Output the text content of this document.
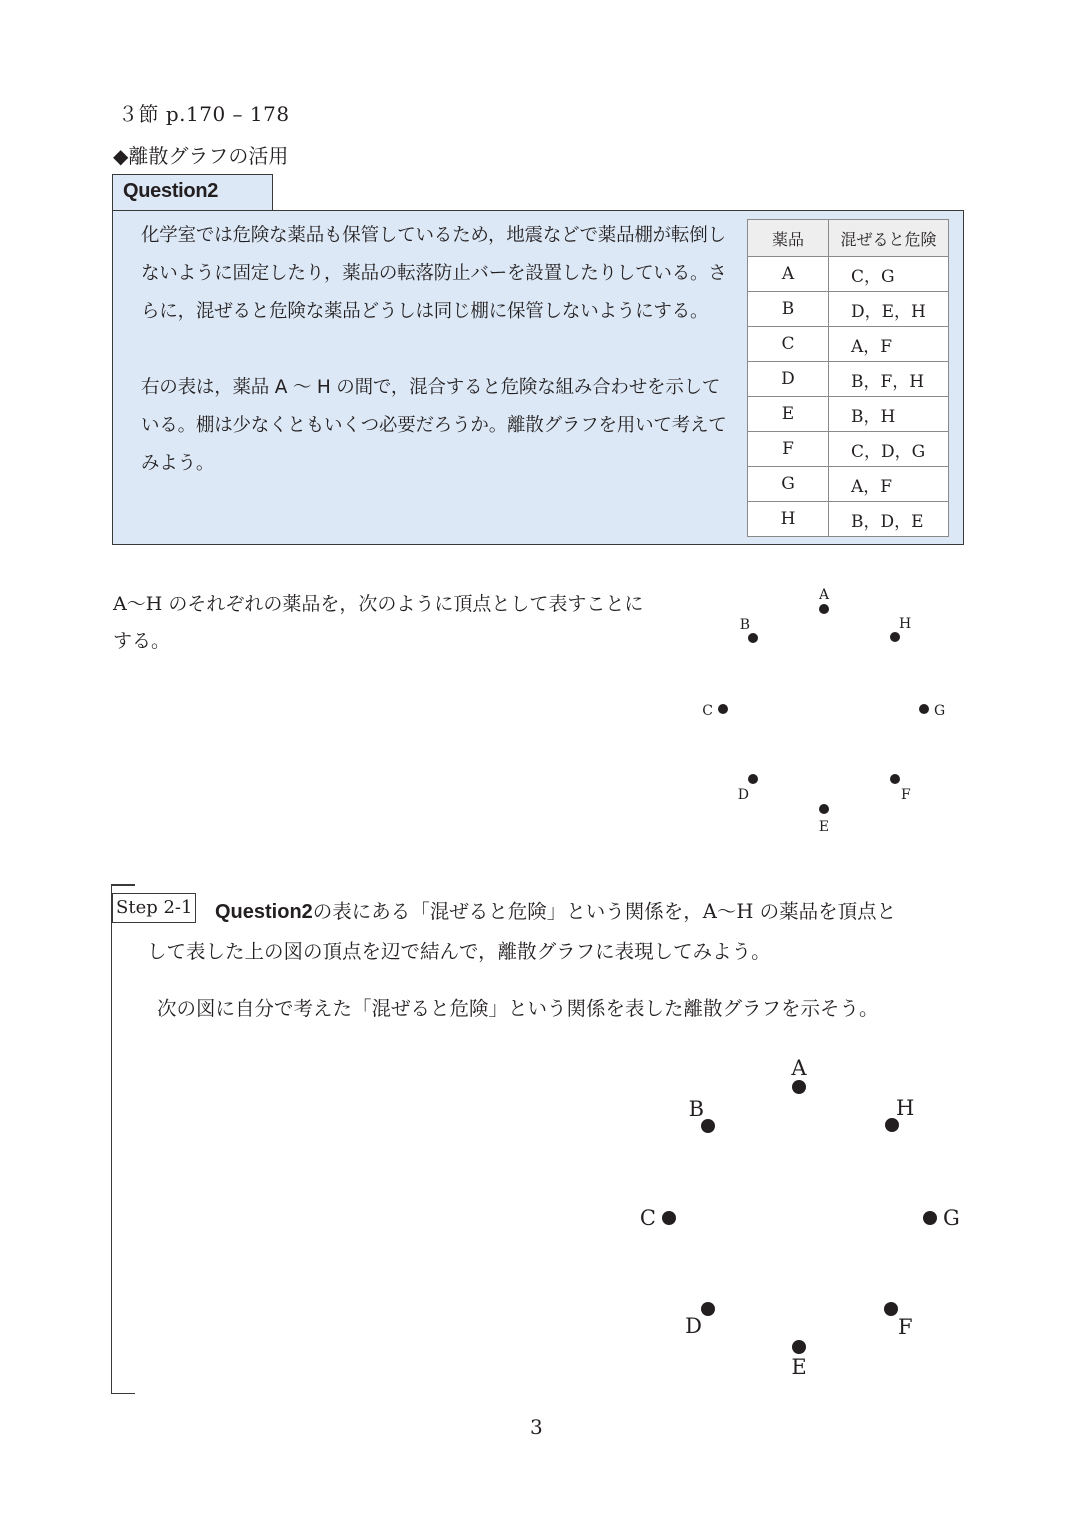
３節 p.170 – 178
◆離散グラフの活用
Question2
化学室では危険な薬品も保管しているため，地震などで薬品棚が転倒しないように固定したり，薬品の転落防止バーを設置したりしている。さらに，混ぜると危険な薬品どうしは同じ棚に保管しないようにする。
右の表は，薬品 A ～ H の間で，混合すると危険な組み合わせを示している。棚は少なくともいくつ必要だろうか。離散グラフを用いて考えてみよう。
薬品	混ぜると危険
A	C，G
B	D，E，H
C	A，F
D	B，F，H
E	B，H
F	C，D，G
G	A，F
H	B，D，E
A～H のそれぞれの薬品を，次のように頂点として表すことにする。
A
B
C
D
E
F
G
H
Step 2-1 Question2の表にある「混ぜると危険」という関係を，A～H の薬品を頂点と
して表した上の図の頂点を辺で結んで，離散グラフに表現してみよう。
次の図に自分で考えた「混ぜると危険」という関係を表した離散グラフを示そう。
A
B
C
D
E
F
G
H
3
